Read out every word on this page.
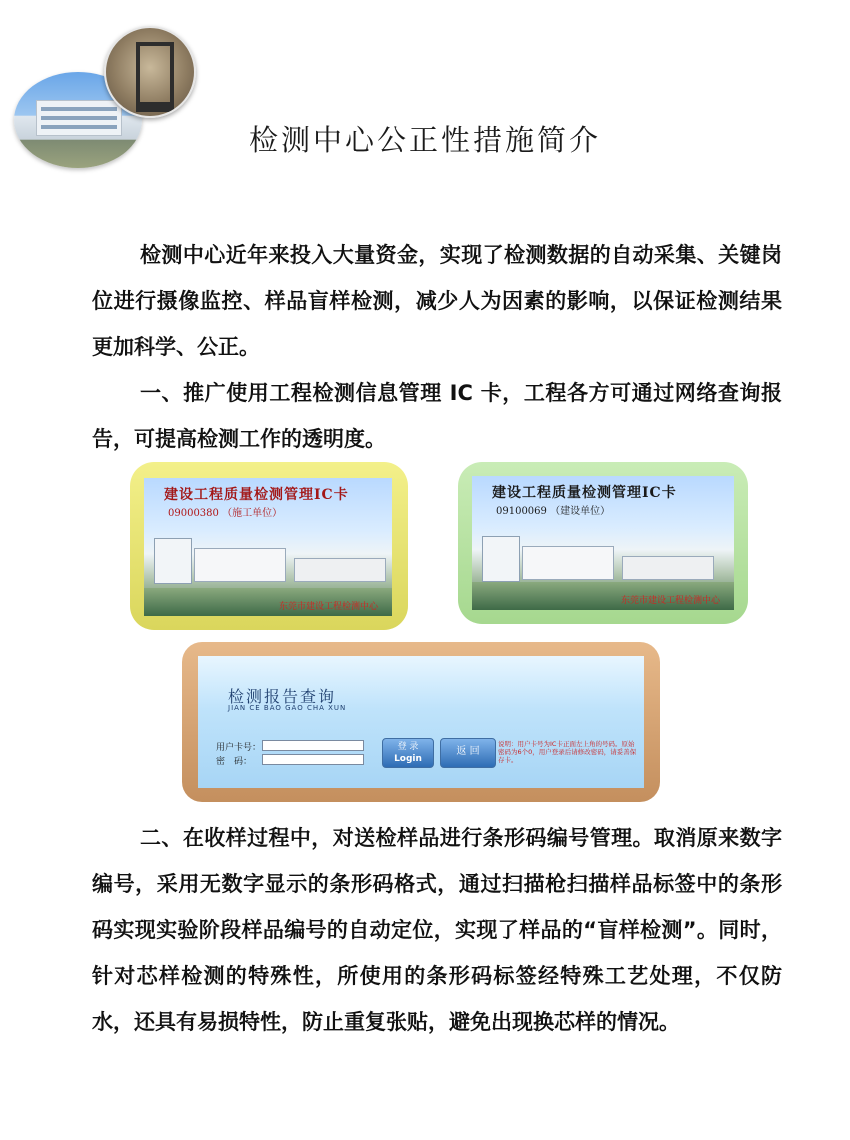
检测中心公正性措施简介
检测中心近年来投入大量资金，实现了检测数据的自动采集、关键岗位进行摄像监控、样品盲样检测，减少人为因素的影响，以保证检测结果更加科学、公正。
一、推广使用工程检测信息管理 IC 卡，工程各方可通过网络查询报告，可提高检测工作的透明度。
建设工程质量检测管理IC卡
09000380 （施工单位）
东莞市建设工程检测中心
建设工程质量检测管理IC卡
09100069 （建设单位）
东莞市建设工程检测中心
检测报告查询
JIAN CE BAO GAO CHA XUN
用户卡号：
密　码：
登 录
Login
返 回
说明：用户卡号为IC卡正面左上角的号码。原始密码为6个0，用户登录后请修改密码，请妥善保存卡。
二、在收样过程中，对送检样品进行条形码编号管理。取消原来数字编号，采用无数字显示的条形码格式，通过扫描枪扫描样品标签中的条形码实现实验阶段样品编号的自动定位，实现了样品的“盲样检测”。同时，针对芯样检测的特殊性，所使用的条形码标签经特殊工艺处理，不仅防水，还具有易损特性，防止重复张贴，避免出现换芯样的情况。
